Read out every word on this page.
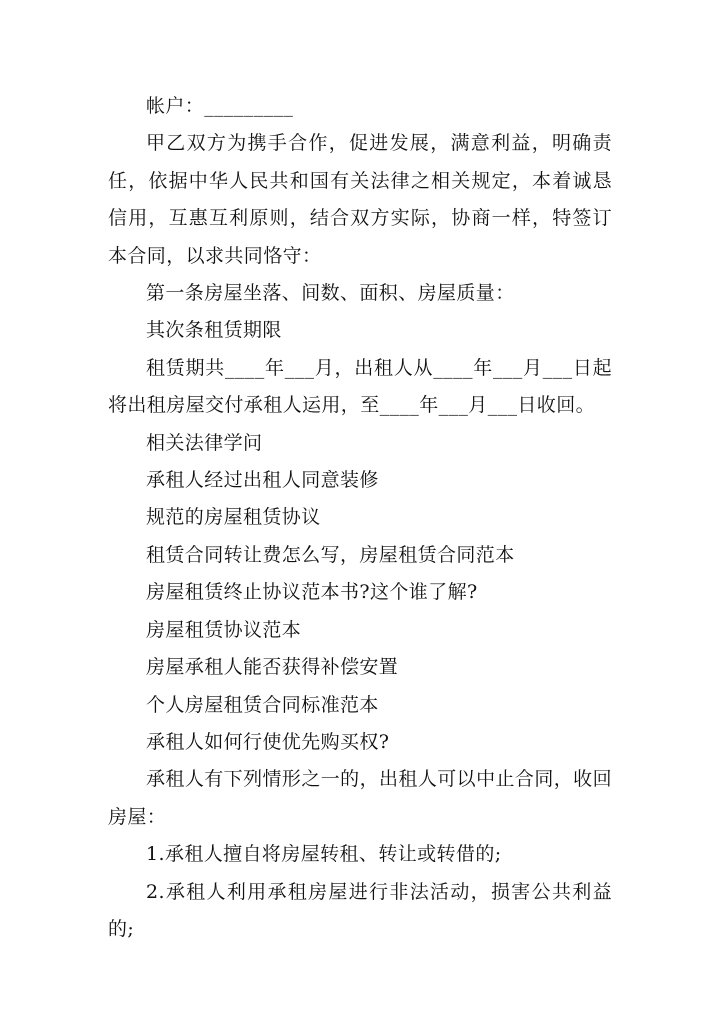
帐户：_________

甲乙双方为携手合作，促进发展，满意利益，明确责任，依据中华人民共和国有关法律之相关规定，本着诚恳信用，互惠互利原则，结合双方实际，协商一样，特签订本合同，以求共同恪守：

第一条房屋坐落、间数、面积、房屋质量：

其次条租赁期限

租赁期共____年___月，出租人从____年___月___日起将出租房屋交付承租人运用，至____年___月___日收回。

相关法律学问

承租人经过出租人同意装修

规范的房屋租赁协议

租赁合同转让费怎么写，房屋租赁合同范本

房屋租赁终止协议范本书?这个谁了解?

房屋租赁协议范本

房屋承租人能否获得补偿安置

个人房屋租赁合同标准范本

承租人如何行使优先购买权?

承租人有下列情形之一的，出租人可以中止合同，收回房屋：

1.承租人擅自将房屋转租、转让或转借的;

2.承租人利用承租房屋进行非法活动，损害公共利益的;
